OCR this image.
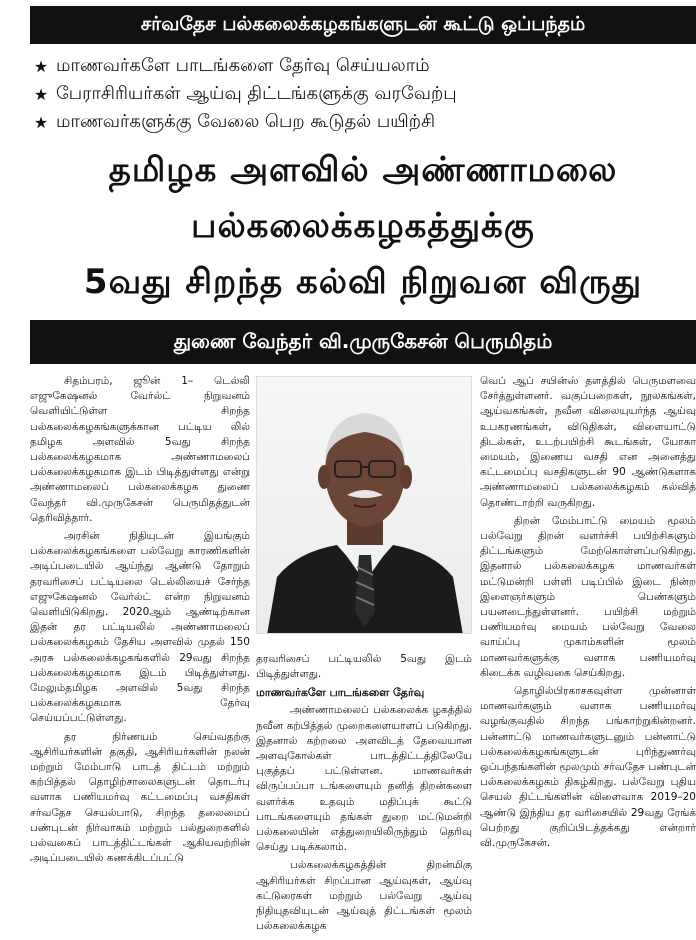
சர்வதேச பல்கலைக்கழகங்களுடன் கூட்டு ஒப்பந்தம்
★ மாணவர்களே பாடங்களை தேர்வு செய்யலாம்
★ பேராசிரியர்கள் ஆய்வு திட்டங்களுக்கு வரவேற்பு
★ மாணவர்களுக்கு வேலை பெற கூடுதல் பயிற்சி
தமிழக அளவில் அண்ணாமலை
பல்கலைக்கழகத்துக்கு
5வது சிறந்த கல்வி நிறுவன விருது
துணை வேந்தர் வி.முருகேசன் பெருமிதம்

சிதம்பரம், ஜூன் 1– டெல்லி எஜுகேஷனல் வேர்ல்ட் நிறுவனம் வெளியிட்டுள்ள சிறந்த பல்கலைக்கழகங்களுக்கான பட்டிய லில் தமிழக அளவில் 5வது சிறந்த பல்கலைக்கழகமாக அண்ணாமலைப் பல்கலைக்கழகமாக இடம் பிடித்துள்ளது என்று அண்ணாமலைப் பல்கலைக்கழக துணை வேந்தர் வி.முருகேசன் பெருமிதத்துடன் தெரிவித்தார்.

அரசின் நிதியுடன் இயங்கும் பல்கலைக்கழகங்களை பல்வேறு காரணிகளின் அடிப்படையில் ஆய்ந்து ஆண்டு தோறும் தரவரிசைப் பட்டியலை டெல்லியைச் சேர்ந்த எஜுகேஷனல் வேர்ல்ட் என்ற நிறுவனம் வெளியிடுகிறது. 2020ஆம் ஆண்டிற்கான இதன் தர பட்டியலில் அண்ணாமலைப் பல்கலைக்கழகம் தேசிய அளவில் முதல் 150 அரசு பல்கலைக்கழகங்களில் 29வது சிறந்த பல்கலைக்கழகமாக இடம் பிடித்துள்ளது. மேலும்தமிழக அளவில் 5வது சிறந்த பல்கலைக்கழகமாக தேர்வு செய்யப்பட்டுள்ளது.

தர நிர்ணயம் செய்வதற்கு ஆசிரியர்களின் தகுதி, ஆசிரியர்களின் நலன் மற்றும் மேம்பாடு பாடத் திட்டம் மற்றும் கற்பித்தல் தொழிற்சாலைகளுடன் தொடர்பு வளாக பணியமர்வு கட்டமைப்பு வசதிகள் சர்வதேச செயல்பாடு, சிறந்த தலைமைப் பண்புடன் நிர்வாகம் மற்றும் பல்துறைகளில் பல்வகைப் பாடத்திட்டங்கள் ஆகியவற்றின் அடிப்படையில் கணக்கிடப்பட்டு

தரவரிசைப் பட்டியலில் 5வது இடம் பிடித்துள்ளது.

மாணவர்களே பாடங்களை தேர்வு

அண்ணாமலைப் பல்கலைக்க ழகத்தில் நவீன கற்பித்தல் முறைகளையாளப் படுகிறது. இதனால் கற்றலை அளவிடத் தேவையான அளவுகோல்கள் பாடத்திட்டத்திலேயே புகுத்தப் பட்டுள்ளன. மாணவர்கள் விருப்பப்பா டங்களையும் தனித் திறன்களை வளர்க்க உதவும் மதிப்புக் கூட்டு பாடங்களையும் தங்கள் துறை மட்டுமன்றி பல்கலையின் எத்துறையிலிருந்தும் தெரிவு செய்து படிக்கலாம்.

பல்கலைக்கழகத்தின் திறன்மிகு ஆசிரியர்கள் சிறப்பான ஆய்வுகள், ஆய்வு கட்டுரைகள் மற்றும் பல்வேறு ஆய்வு நிதியுதவியுடன் ஆய்வுத் திட்டங்கள் மூலம் பல்கலைக்கழக

வெப் ஆப் சயின்ஸ் தளத்தில் பெருமளவை சேர்த்துள்ளனர். வகுப்பறைகள், நூலகங்கள், ஆய்வகங்கள், நவீன விலையுயர்ந்த ஆய்வு உபகரணங்கள், விடுதிகள், விளையாட்டு திடல்கள், உடற்பயிற்சி கூடங்கள், யோகா மையம், இணைய வசதி என அனைத்து கட்டமைப்பு வசதிகளுடன் 90 ஆண்டுகளாக அண்ணாமலைப் பல்கலைக்கழகம் கல்வித் தொண்டாற்றி வருகிறது.

திறன் மேம்பாட்டு மையம் மூலம் பல்வேறு திறன் வளர்ச்சி பயிற்சிகளும் திட்டங்களும் மேற்கொள்ளப்படுகிறது. இதனால் பல்கலைக்கழக மாணவர்கள் மட்டுமன்றி பள்ளி படிப்பில் இடை நின்ற இளைஞர்களும் பெண்களும் பயனடைந்துள்ளனர். பயிற்சி மற்றும் பணியமர்வு மையம் பல்வேறு வேலை வாய்ப்பு முகாம்களின் மூலம் மாணவர்களுக்கு வளாக பணியமர்வு கிடைக்க வழிவகை செய்கிறது.

தொழில்பிரகாசகவுள்ள முன்னாள் மாணவர்களும் வளாக பணியமர்வு வழங்குவதில் சிறந்த பங்காற்றுகின்றனர். பன்னாட்டு மாணவர்களுடனும் பன்னாட்டு பல்கலைக்கழகங்களுடன் புரிந்துணர்வு ஒப்பந்தங்களின் மூலமும் சர்வதேச பண்புடன் பல்கலைக்கழகம் திகழ்கிறது. பல்வேறு புதிய செயல் திட்டங்களின் விளைவாக 2019–20 ஆண்டு இந்திய தர வரிசையில் 29வது ரேங்க் பெற்றது குறிப்பிடத்தக்கது என்றார் வி.முருகேசன்.
